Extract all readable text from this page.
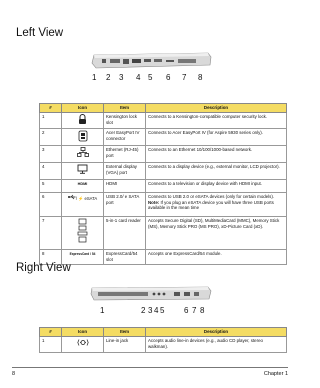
Left View
1 2 3 4 5 6 7 8
#	Icon	Item	Description
1		Kensington lock slot	Connects to a Kensington-compatible computer security lock.
2		Acer EasyPort IV connector	Connects to Acer EasyPort IV (for Aspire 5930 series only).
3		Ethernet (RJ-45) port	Connects to an Ethernet 10/100/1000-based network.
4		External display (VGA) port	Connects to a display device (e.g., external monitor, LCD projector).
5	HDMI	HDMI	Connects to a television or display device with HDMI input.
6	/ ⚡ eSATA	USB 2.0/ e SATA port	Connects to USB 2.0 or eSATA devices (only for certain models).
Note: If you plug an eSATA device you will have three USB ports available in the mean time
7		5-in-1 card reader	Accepts Secure Digital (SD), MultiMediaCard (MMC), Memory Stick (MS), Memory Stick PRO (MS PRO), xD-Picture Card (xD).
8	ExpressCard / 54	ExpressCard/54 slot	Accepts one ExpressCard/54 module.
Right View
1	2 3 4 5 6 7 8
#	Icon	Item	Description
1		Line-in jack	Accepts audio line-in devices (e.g., audio CD player, stereo walkman).
8	Chapter 1
